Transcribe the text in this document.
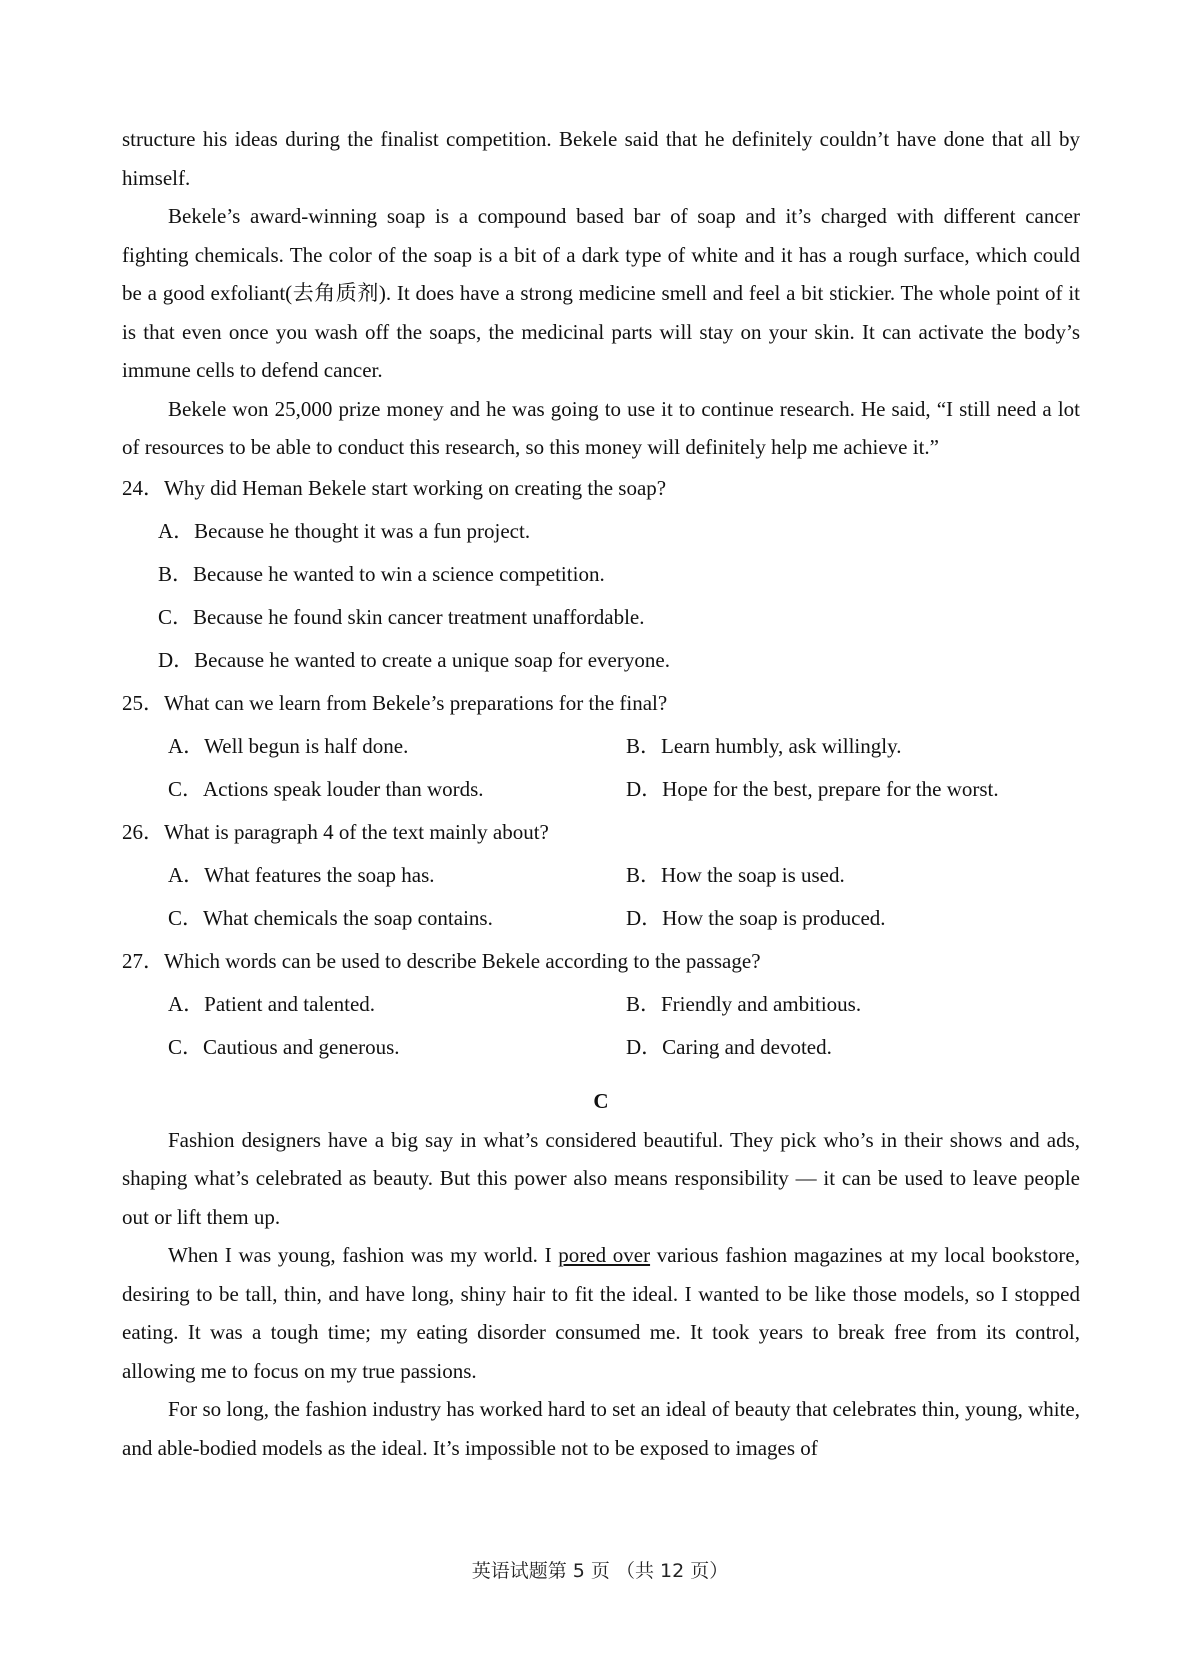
structure his ideas during the finalist competition. Bekele said that he definitely couldn’t have done that all by himself.

Bekele’s award-winning soap is a compound based bar of soap and it’s charged with different cancer fighting chemicals. The color of the soap is a bit of a dark type of white and it has a rough surface, which could be a good exfoliant(去角质剂). It does have a strong medicine smell and feel a bit stickier. The whole point of it is that even once you wash off the soaps, the medicinal parts will stay on your skin. It can activate the body’s immune cells to defend cancer.

Bekele won 25,000 prize money and he was going to use it to continue research. He said, “I still need a lot of resources to be able to conduct this research, so this money will definitely help me achieve it.”

24．Why did Heman Bekele start working on creating the soap?
A．Because he thought it was a fun project.
B．Because he wanted to win a science competition.
C．Because he found skin cancer treatment unaffordable.
D．Because he wanted to create a unique soap for everyone.
25．What can we learn from Bekele’s preparations for the final?
A．Well begun is half done.	B．Learn humbly, ask willingly.
C．Actions speak louder than words.	D．Hope for the best, prepare for the worst.
26．What is paragraph 4 of the text mainly about?
A．What features the soap has.	B．How the soap is used.
C．What chemicals the soap contains.	D．How the soap is produced.
27．Which words can be used to describe Bekele according to the passage?
A．Patient and talented.	B．Friendly and ambitious.
C．Cautious and generous.	D．Caring and devoted.
C

Fashion designers have a big say in what’s considered beautiful. They pick who’s in their shows and ads, shaping what’s celebrated as beauty. But this power also means responsibility — it can be used to leave people out or lift them up.

When I was young, fashion was my world. I pored over various fashion magazines at my local bookstore, desiring to be tall, thin, and have long, shiny hair to fit the ideal. I wanted to be like those models, so I stopped eating. It was a tough time; my eating disorder consumed me. It took years to break free from its control, allowing me to focus on my true passions.

For so long, the fashion industry has worked hard to set an ideal of beauty that celebrates thin, young, white, and able-bodied models as the ideal. It’s impossible not to be exposed to images of

英语试题第 5 页 （共 12 页）
